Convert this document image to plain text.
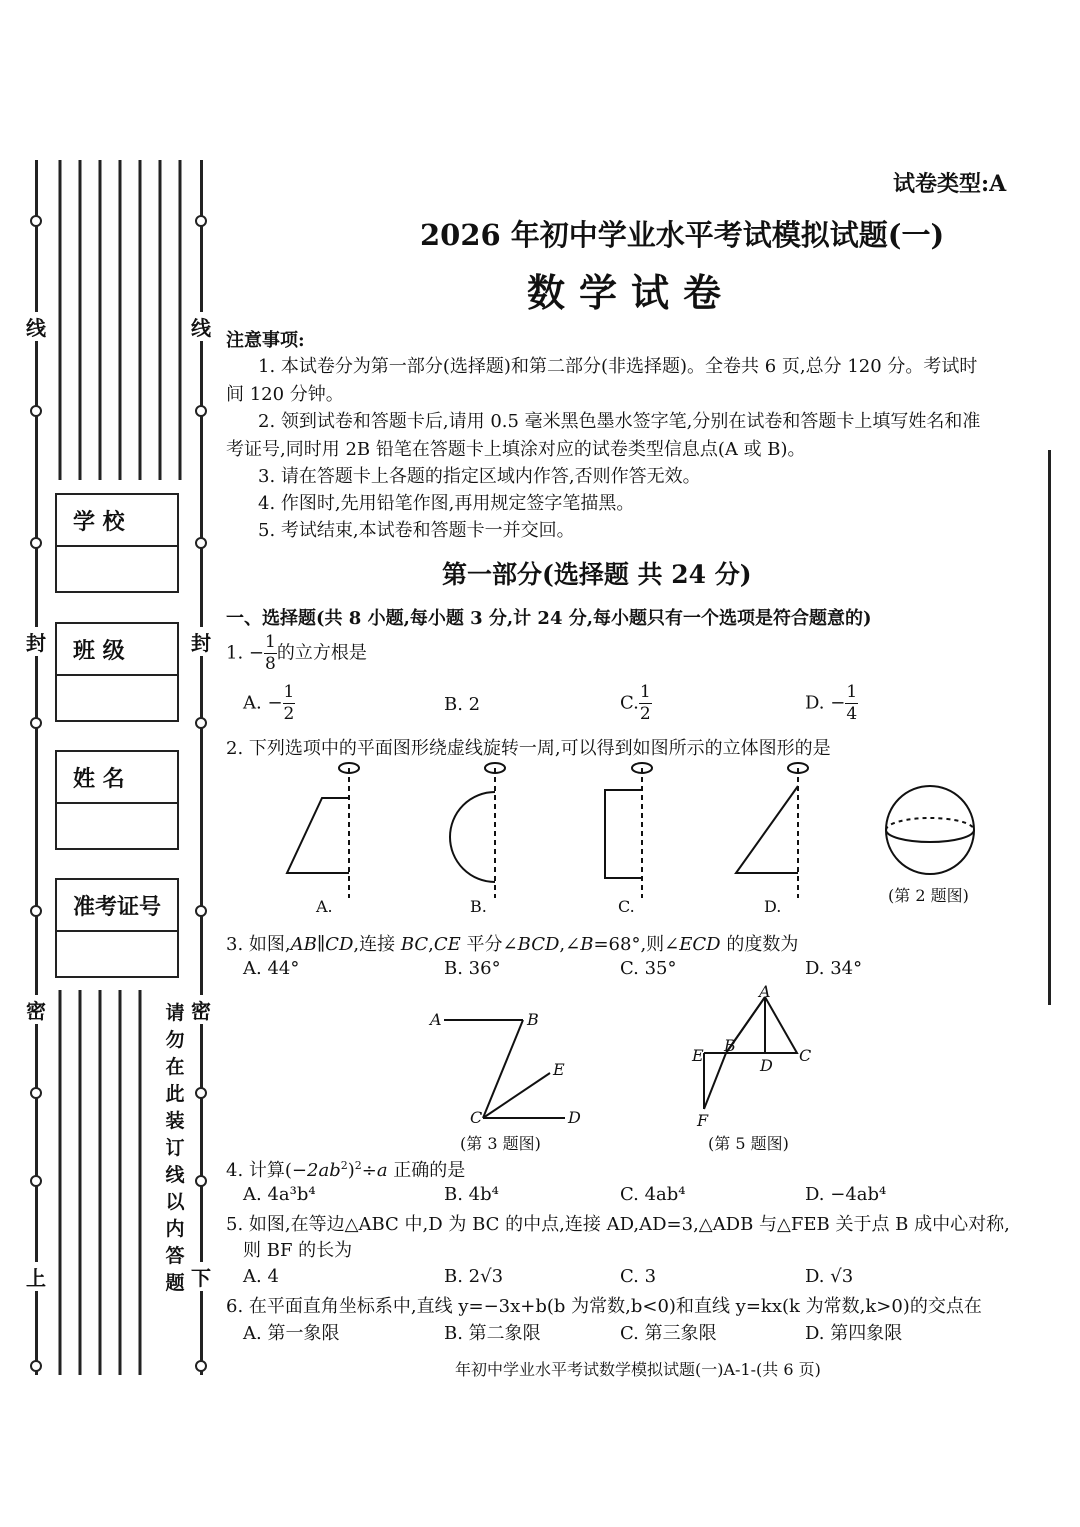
线
封
密
上
线
封
密
下
学 校
班 级
姓 名
准考证号
请勿在此装订线以内答题
试卷类型:A
2026 年初中学业水平考试模拟试题(一)
数学试卷
注意事项:
1. 本试卷分为第一部分(选择题)和第二部分(非选择题)。全卷共 6 页,总分 120 分。考试时
间 120 分钟。
2. 领到试卷和答题卡后,请用 0.5 毫米黑色墨水签字笔,分别在试卷和答题卡上填写姓名和准
考证号,同时用 2B 铅笔在答题卡上填涂对应的试卷类型信息点(A 或 B)。
3. 请在答题卡上各题的指定区域内作答,否则作答无效。
4. 作图时,先用铅笔作图,再用规定签字笔描黑。
5. 考试结束,本试卷和答题卡一并交回。
第一部分(选择题 共 24 分)
一、选择题(共 8 小题,每小题 3 分,计 24 分,每小题只有一个选项是符合题意的)
1. − $\frac{1}{8}$ 的立方根是
A. − $\frac{1}{2}$	B. 2	C. $\frac{1}{2}$	D. − $\frac{1}{4}$
2. 下列选项中的平面图形绕虚线旋转一周,可以得到如图所示的立体图形的是
A.	B.	C.	D.
(第 2 题图)
3. 如图,AB∥CD,连接 BC,CE 平分∠BCD,∠B=68°,则∠ECD 的度数为
A. 44°	B. 36°	C. 35°	D. 34°
A	B
E
C	D
(第 3 题图)
A
E
B
D
C
F
(第 5 题图)
4. 计算$(-2ab^2)^2\div a$ 正确的是
A. 4a³b⁴	B. 4b⁴	C. 4ab⁴	D. −4ab⁴
5. 如图,在等边△ABC 中,D 为 BC 的中点,连接 AD,AD=3,△ADB 与△FEB 关于点 B 成中心对称,
则 BF 的长为
A. 4	B. 2√3	C. 3	D. √3
6. 在平面直角坐标系中,直线 y=−3x+b(b 为常数,b<0)和直线 y=kx(k 为常数,k>0)的交点在
A. 第一象限	B. 第二象限	C. 第三象限	D. 第四象限
年初中学业水平考试数学模拟试题(一)A-1-(共 6 页)
